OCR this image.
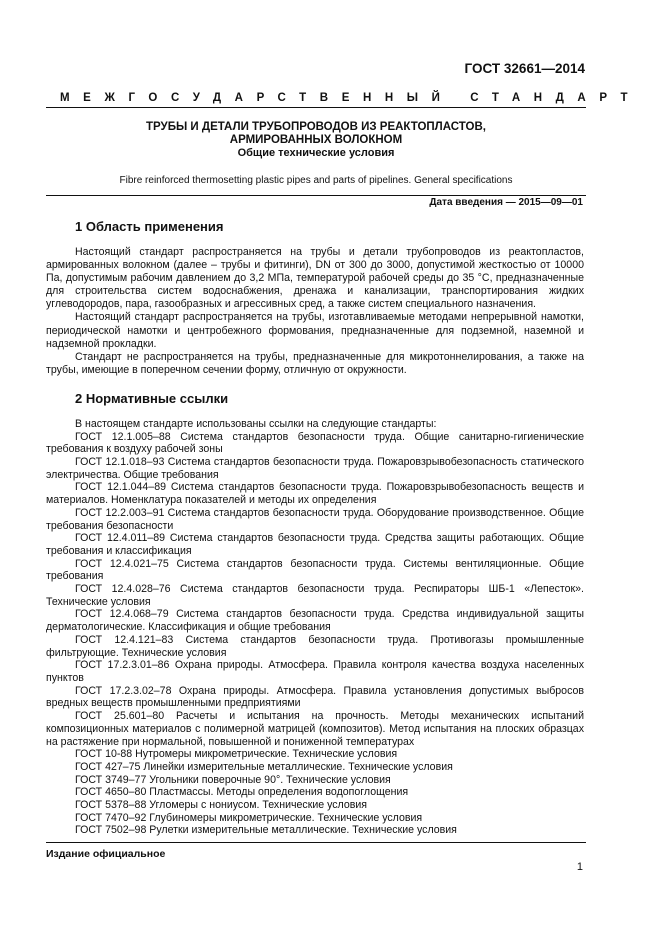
ГОСТ 32661—2014
МЕЖГОСУДАРСТВЕННЫЙ СТАНДАРТ
ТРУБЫ И ДЕТАЛИ ТРУБОПРОВОДОВ ИЗ РЕАКТОПЛАСТОВ,
АРМИРОВАННЫХ ВОЛОКНОМ
Общие технические условия
Fibre reinforced thermosetting plastic pipes and parts of pipelines. General specifications
Дата введения — 2015—09—01
1 Область применения

Настоящий стандарт распространяется на трубы и детали трубопроводов из реактопластов, армированных волокном (далее – трубы и фитинги), DN от 300 до 3000, допустимой жесткостью от 10000 Па, допустимым рабочим давлением до 3,2 МПа, температурой рабочей среды до 35 °С, предназначенные для строительства систем водоснабжения, дренажа и канализации, транспортирования жидких углеводородов, пара, газообразных и агрессивных сред, а также систем специального назначения.

Настоящий стандарт распространяется на трубы, изготавливаемые методами непрерывной намотки, периодической намотки и центробежного формования, предназначенные для подземной, наземной и надземной прокладки.

Стандарт не распространяется на трубы, предназначенные для микротоннелирования, а также на трубы, имеющие в поперечном сечении форму, отличную от окружности.

2 Нормативные ссылки

В настоящем стандарте использованы ссылки на следующие стандарты:

ГОСТ 12.1.005–88 Система стандартов безопасности труда. Общие санитарно-гигиенические требования к воздуху рабочей зоны

ГОСТ 12.1.018–93 Система стандартов безопасности труда. Пожаровзрывобезопасность статического электричества. Общие требования

ГОСТ 12.1.044–89 Система стандартов безопасности труда. Пожаровзрывобезопасность веществ и материалов. Номенклатура показателей и методы их определения

ГОСТ 12.2.003–91 Система стандартов безопасности труда. Оборудование производственное. Общие требования безопасности

ГОСТ 12.4.011–89 Система стандартов безопасности труда. Средства защиты работающих. Общие требования и классификация

ГОСТ 12.4.021–75 Система стандартов безопасности труда. Системы вентиляционные. Общие требования

ГОСТ 12.4.028–76 Система стандартов безопасности труда. Респираторы ШБ-1 «Лепесток». Технические условия

ГОСТ 12.4.068–79 Система стандартов безопасности труда. Средства индивидуальной защиты дерматологические. Классификация и общие требования

ГОСТ 12.4.121–83 Система стандартов безопасности труда. Противогазы промышленные фильтрующие. Технические условия

ГОСТ 17.2.3.01–86 Охрана природы. Атмосфера. Правила контроля качества воздуха населенных пунктов

ГОСТ 17.2.3.02–78 Охрана природы. Атмосфера. Правила установления допустимых выбросов вредных веществ промышленными предприятиями

ГОСТ 25.601–80 Расчеты и испытания на прочность. Методы механических испытаний композиционных материалов с полимерной матрицей (композитов). Метод испытания на плоских образцах на растяжение при нормальной, повышенной и пониженной температурах

ГОСТ 10-88 Нутромеры микрометрические. Технические условия

ГОСТ 427–75 Линейки измерительные металлические. Технические условия

ГОСТ 3749–77 Угольники поверочные 90°. Технические условия

ГОСТ 4650–80 Пластмассы. Методы определения водопоглощения

ГОСТ 5378–88 Угломеры с нониусом. Технические условия

ГОСТ 7470–92 Глубиномеры микрометрические. Технические условия

ГОСТ 7502–98 Рулетки измерительные металлические. Технические условия

Издание официальное
1
